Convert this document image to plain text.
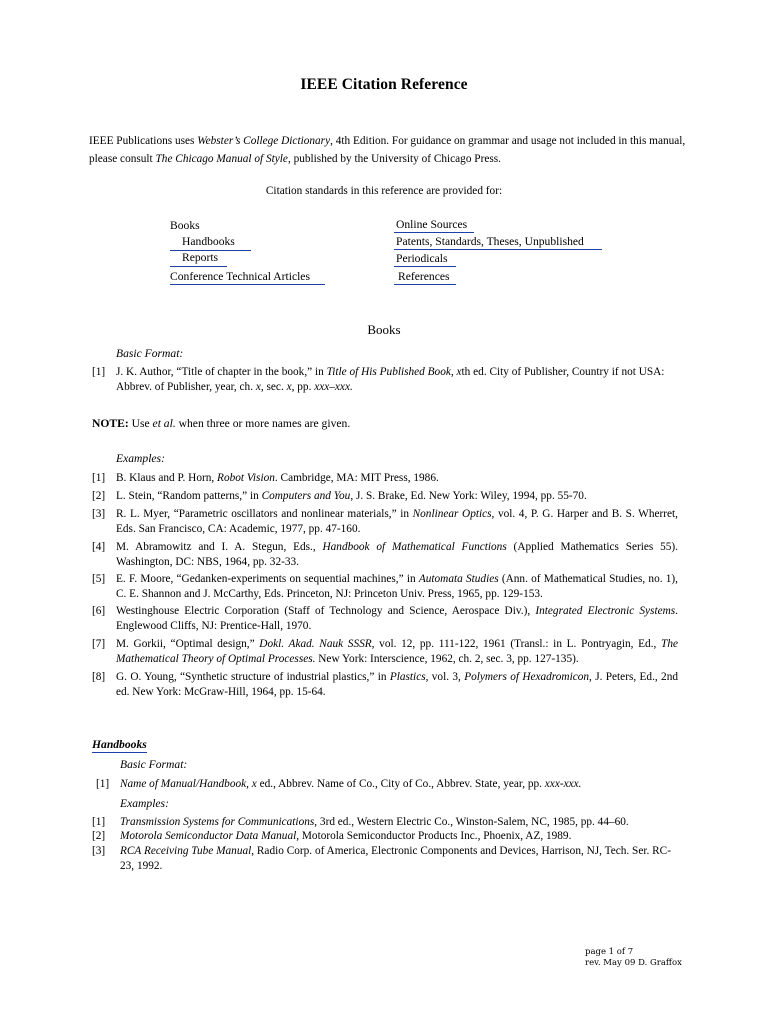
IEEE Citation Reference
IEEE Publications uses Webster’s College Dictionary, 4th Edition. For guidance on grammar and usage not included in this manual, please consult The Chicago Manual of Style, published by the University of Chicago Press.
Citation standards in this reference are provided for:
Books
Handbooks
Reports
Conference Technical Articles
Online Sources
Patents, Standards, Theses, Unpublished
Periodicals
References
Books
Basic Format:
[1] J. K. Author, “Title of chapter in the book,” in Title of His Published Book, xth ed. City of Publisher, Country if not USA: Abbrev. of Publisher, year, ch. x, sec. x, pp. xxx–xxx.
NOTE: Use et al. when three or more names are given.
Examples:
[1] B. Klaus and P. Horn, Robot Vision. Cambridge, MA: MIT Press, 1986.
[2] L. Stein, “Random patterns,” in Computers and You, J. S. Brake, Ed. New York: Wiley, 1994, pp. 55-70.
[3] R. L. Myer, “Parametric oscillators and nonlinear materials,” in Nonlinear Optics, vol. 4, P. G. Harper and B. S. Wherret, Eds. San Francisco, CA: Academic, 1977, pp. 47-160.
[4] M. Abramowitz and I. A. Stegun, Eds., Handbook of Mathematical Functions (Applied Mathematics Series 55). Washington, DC: NBS, 1964, pp. 32-33.
[5] E. F. Moore, “Gedanken-experiments on sequential machines,” in Automata Studies (Ann. of Mathematical Studies, no. 1), C. E. Shannon and J. McCarthy, Eds. Princeton, NJ: Princeton Univ. Press, 1965, pp. 129-153.
[6] Westinghouse Electric Corporation (Staff of Technology and Science, Aerospace Div.), Integrated Electronic Systems. Englewood Cliffs, NJ: Prentice-Hall, 1970.
[7] M. Gorkii, “Optimal design,” Dokl. Akad. Nauk SSSR, vol. 12, pp. 111-122, 1961 (Transl.: in L. Pontryagin, Ed., The Mathematical Theory of Optimal Processes. New York: Interscience, 1962, ch. 2, sec. 3, pp. 127-135).
[8] G. O. Young, “Synthetic structure of industrial plastics,” in Plastics, vol. 3, Polymers of Hexadromicon, J. Peters, Ed., 2nd ed. New York: McGraw-Hill, 1964, pp. 15-64.
Handbooks
Basic Format:
[1] Name of Manual/Handbook, x ed., Abbrev. Name of Co., City of Co., Abbrev. State, year, pp. xxx-xxx.
Examples:
[1] Transmission Systems for Communications, 3rd ed., Western Electric Co., Winston-Salem, NC, 1985, pp. 44–60.
[2] Motorola Semiconductor Data Manual, Motorola Semiconductor Products Inc., Phoenix, AZ, 1989.
[3] RCA Receiving Tube Manual, Radio Corp. of America, Electronic Components and Devices, Harrison, NJ, Tech. Ser. RC-23, 1992.
page 1 of 7
rev. May 09 D. Graffox
